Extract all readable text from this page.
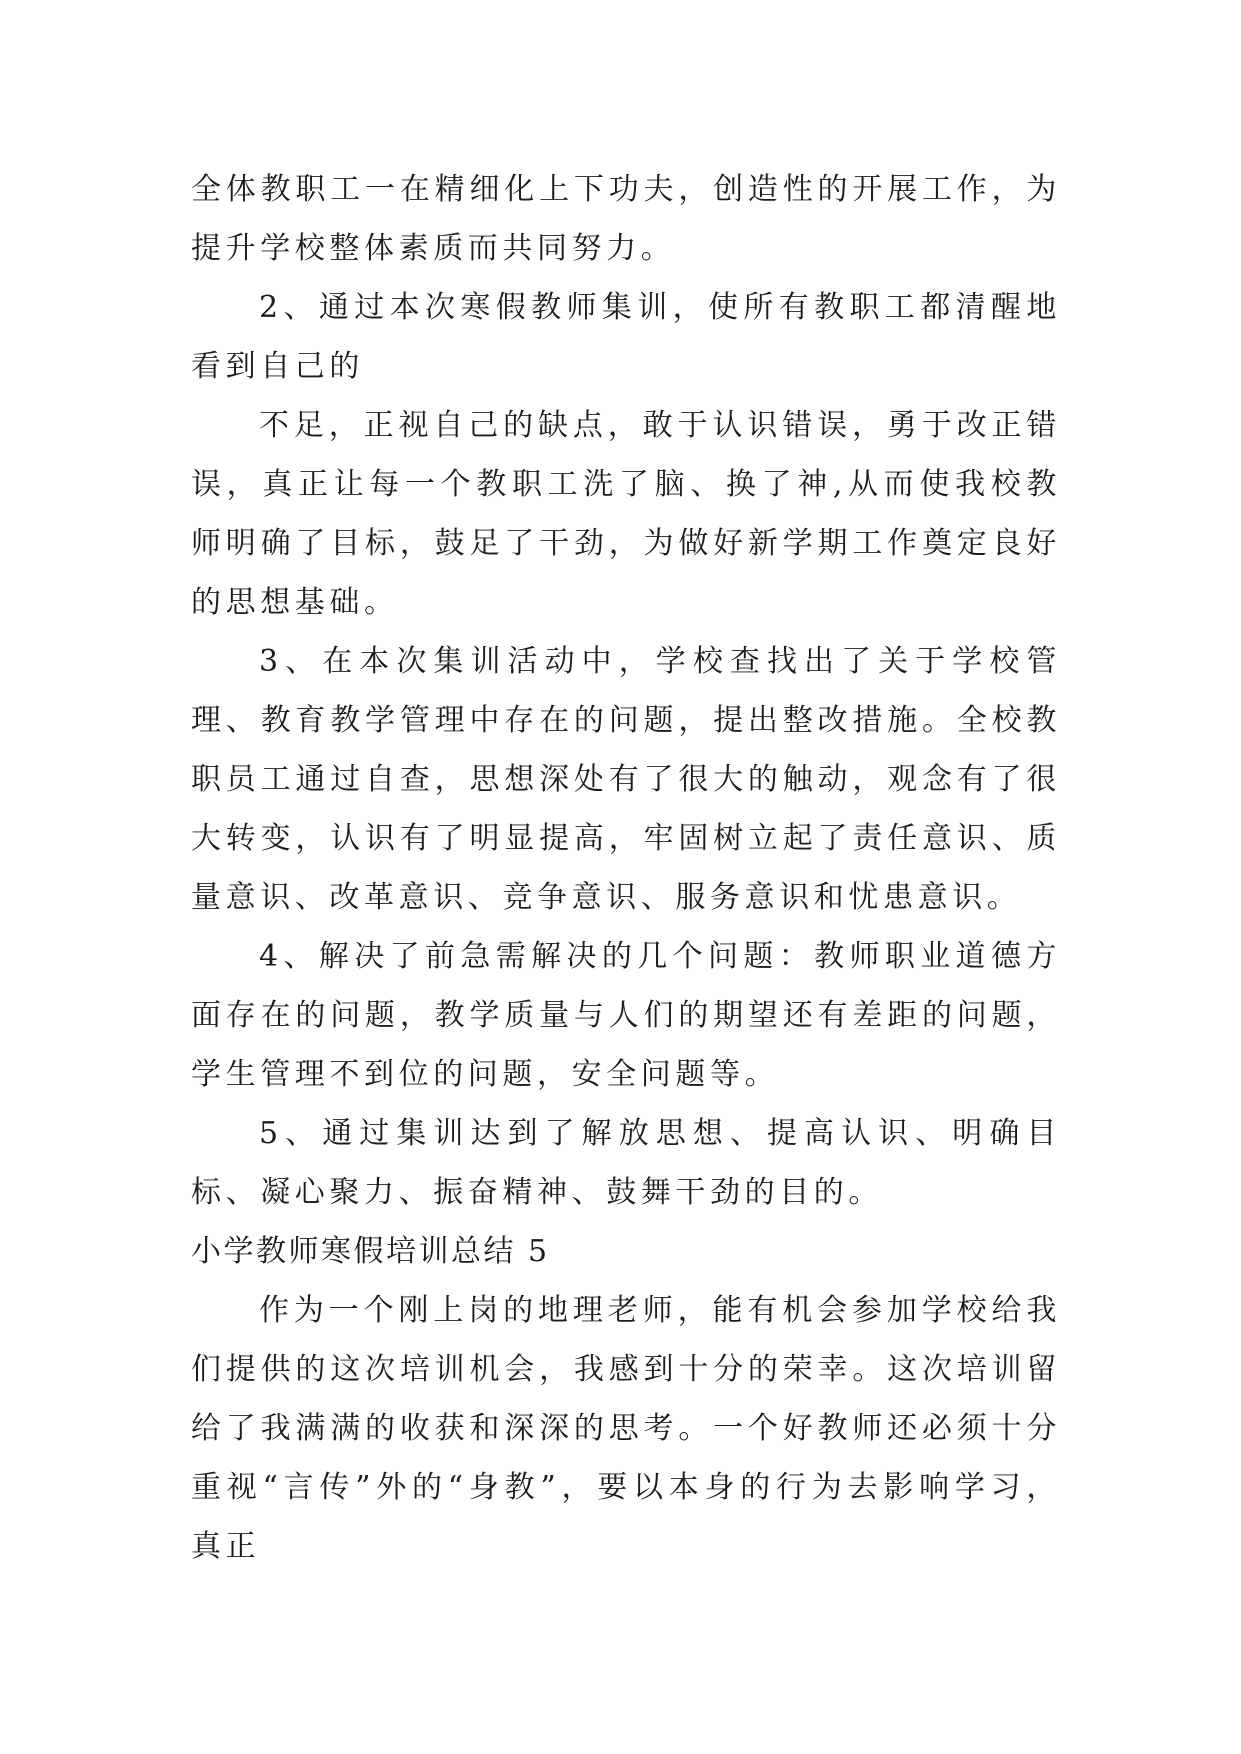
全体教职工一在精细化上下功夫，创造性的开展工作，为提升学校整体素质而共同努力。

2、通过本次寒假教师集训，使所有教职工都清醒地看到自己的

不足，正视自己的缺点，敢于认识错误，勇于改正错误，真正让每一个教职工洗了脑、换了神,从而使我校教师明确了目标，鼓足了干劲，为做好新学期工作奠定良好的思想基础。

3、在本次集训活动中，学校查找出了关于学校管理、教育教学管理中存在的问题，提出整改措施。全校教职员工通过自查，思想深处有了很大的触动，观念有了很大转变，认识有了明显提高，牢固树立起了责任意识、质量意识、改革意识、竞争意识、服务意识和忧患意识。

4、解决了前急需解决的几个问题：教师职业道德方面存在的问题，教学质量与人们的期望还有差距的问题，学生管理不到位的问题，安全问题等。

5、通过集训达到了解放思想、提高认识、明确目标、凝心聚力、振奋精神、鼓舞干劲的目的。

小学教师寒假培训总结 5

作为一个刚上岗的地理老师，能有机会参加学校给我们提供的这次培训机会，我感到十分的荣幸。这次培训留给了我满满的收获和深深的思考。一个好教师还必须十分重视“言传”外的“身教”，要以本身的行为去影响学习，真正
